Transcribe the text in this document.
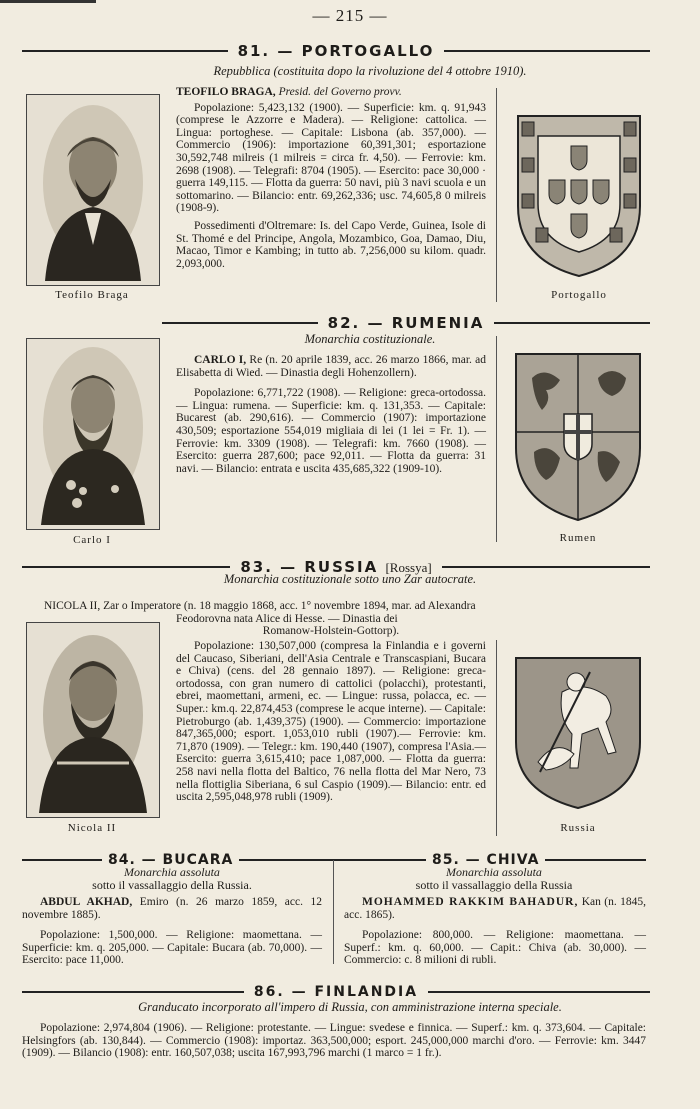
— 215 —
81. — PORTOGALLO
Repubblica (costituita dopo la rivoluzione del 4 ottobre 1910).
Teofilo Braga

TEOFILO BRAGA, Presid. del Governo provv.

Popolazione: 5,423,132 (1900). — Superficie: km. q. 91,943 (comprese le Azzorre e Madera). — Religione: cattolica. — Lingua: portoghese. — Capitale: Lisbona (ab. 357,000). — Commercio (1906): importazione 60,391,301; esportazione 30,592,748 milreis (1 milreis = circa fr. 4,50). — Ferrovie: km. 2698 (1908). — Telegrafi: 8704 (1905). — Esercito: pace 30,000 · guerra 149,115. — Flotta da guerra: 50 navi, più 3 navi scuola e un sottomarino. — Bilancio: entr. 69,262,336; usc. 74,605,8 0 milreis (1908-9).

Possedimenti d'Oltremare: Is. del Capo Verde, Guinea, Isole di St. Thomé e del Principe, Angola, Mozambico, Goa, Damao, Diu, Macao, Timor e Kambing; in tutto ab. 7,256,000 su kilom. quadr. 2,093,000.

Portogallo
82. — RUMENIA
Monarchia costituzionale.
Carlo I

CARLO I, Re (n. 20 aprile 1839, acc. 26 marzo 1866, mar. ad Elisabetta di Wied. — Dinastia degli Hohenzollern).

Popolazione: 6,771,722 (1908). — Religione: greca-ortodossa. — Lingua: rumena. — Superficie: km. q. 131,353. — Capitale: Bucarest (ab. 290,616). — Commercio (1907): importazione 430,509; esportazione 554,019 migliaia di lei (1 lei = Fr. 1). — Ferrovie: km. 3309 (1908). — Telegrafi: km. 7660 (1908). — Esercito: guerra 287,600; pace 92,011. — Flotta da guerra: 31 navi. — Bilancio: entrata e uscita 435,685,322 (1909-10).

Rumen
83. — RUSSIA [Rossya]
Monarchia costituzionale sotto uno Zar autocrate.
NICOLA II, Zar o Imperatore (n. 18 maggio 1868, acc. 1° novembre 1894, mar. ad Alexandra
Feodorovna nata Alice di Hesse. — Dinastia dei
Romanow-Holstein-Gottorp).
Nicola II

Popolazione: 130,507,000 (compresa la Finlandia e i governi del Caucaso, Siberiani, dell'Asia Centrale e Transcaspiani, Bucara e Chiva) (cens. del 28 gennaio 1897). — Religione: greca-ortodossa, con gran numero di cattolici (polacchi), protestanti, ebrei, maomettani, armeni, ec. — Lingue: russa, polacca, ec. — Super.: km.q. 22,874,453 (comprese le acque interne). — Capitale: Pietroburgo (ab. 1,439,375) (1900). — Commercio: importazione 847,365,000; esport. 1,053,010 rubli (1907).— Ferrovie: km. 71,870 (1909). — Telegr.: km. 190,440 (1907), compresa l'Asia.— Esercito: guerra 3,615,410; pace 1,087,000. — Flotta da guerra: 258 navi nella flotta del Baltico, 76 nella flotta del Mar Nero, 73 nella flottiglia Siberiana, 6 sul Caspio (1909).— Bilancio: entr. ed uscita 2,595,048,978 rubli (1909).

Russia
84. — BUCARA	85. — CHIVA

Monarchia assoluta

sotto il vassallaggio della Russia.

ABDUL AKHAD, Emiro (n. 26 marzo 1859, acc. 12 novembre 1885).

Popolazione: 1,500,000. — Religione: maomettana. — Superficie: km. q. 205,000. — Capitale: Bucara (ab. 70,000). — Esercito: pace 11,000.

Monarchia assoluta

sotto il vassallaggio della Russia

MOHAMMED RAKKIM BAHADUR, Kan (n. 1845, acc. 1865).

Popolazione: 800,000. — Religione: maomettana. — Superf.: km. q. 60,000. — Capit.: Chiva (ab. 30,000). — Commercio: c. 8 milioni di rubli.

86. — FINLANDIA
Granducato incorporato all'impero di Russia, con amministrazione interna speciale.

Popolazione: 2,974,804 (1906). — Religione: protestante. — Lingue: svedese e finnica. — Superf.: km. q. 373,604. — Capitale: Helsingfors (ab. 130,844). — Commercio (1908): importaz. 363,500,000; esport. 245,000,000 marchi d'oro. — Ferrovie: km. 3447 (1909). — Bilancio (1908): entr. 160,507,038; uscita 167,993,796 marchi (1 marco = 1 fr.).
